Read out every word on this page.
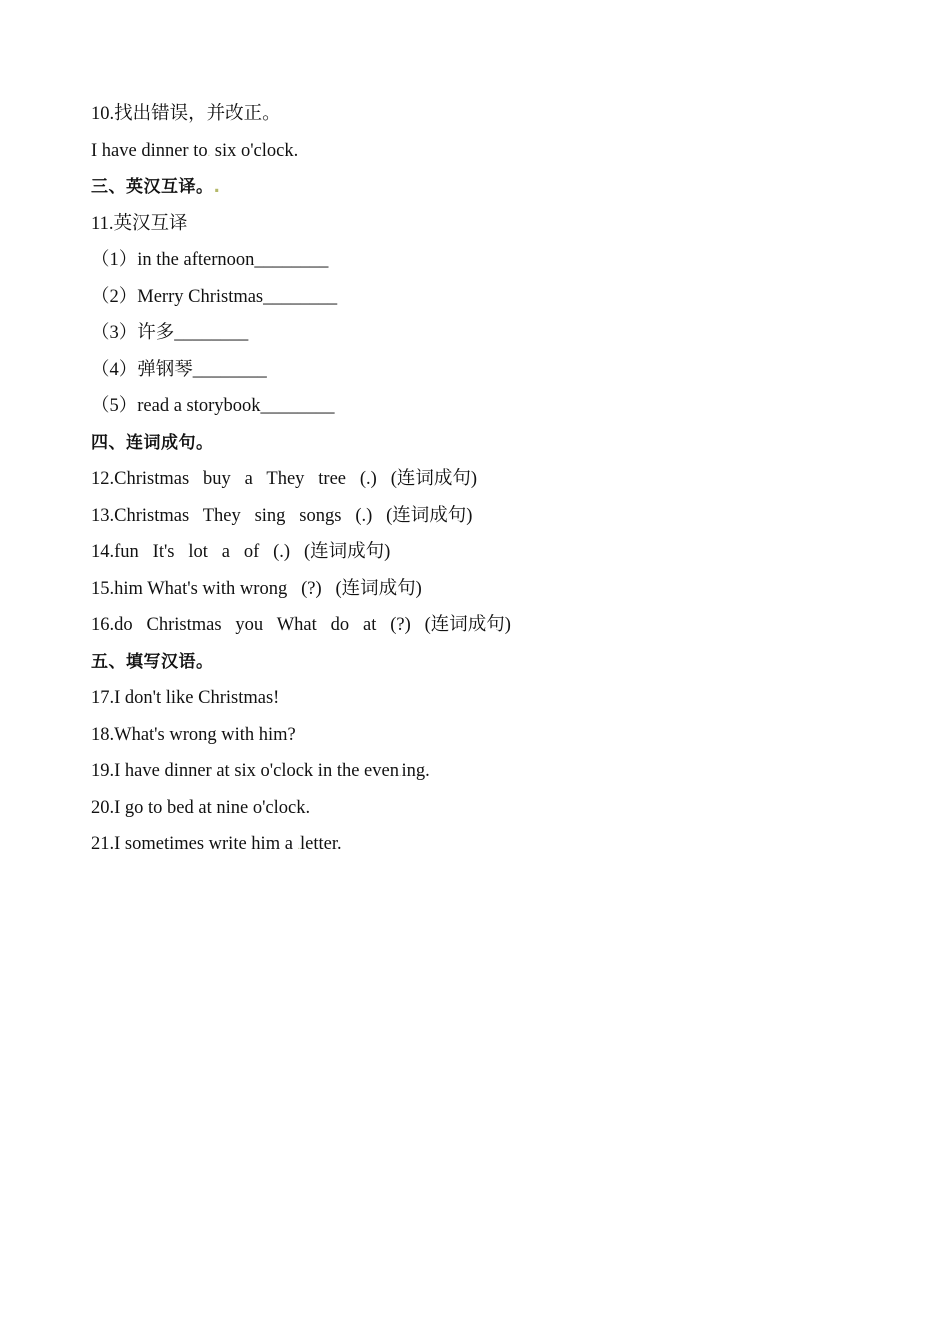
10.找出错误，并改正。
I have dinner to. six o'clock.
三、英汉互译。.
11.英汉互译
（1）in the afternoon________
（2）Merry Christmas________
（3）许多________
（4）弹钢琴________
（5）read a storybook________
四、连词成句。
12.Christmas   buy   a   They   tree   (.)   (连词成句)
13.Christmas   They   sing   songs   (.)   (连词成句)
14.fun   It's   lot   a   of   (.)   (连词成句)
15.him What's with wrong   (?)   (连词成句)
16.do   Christmas   you   What   do   at   (?)   (连词成句)
五、填写汉语。
17.I don't like Christmas!
18.What's wrong with him?
19.I have dinner at six o'clock in the even.ing.
20.I go to bed at nine o'clock.
21.I sometimes write him a .letter.
